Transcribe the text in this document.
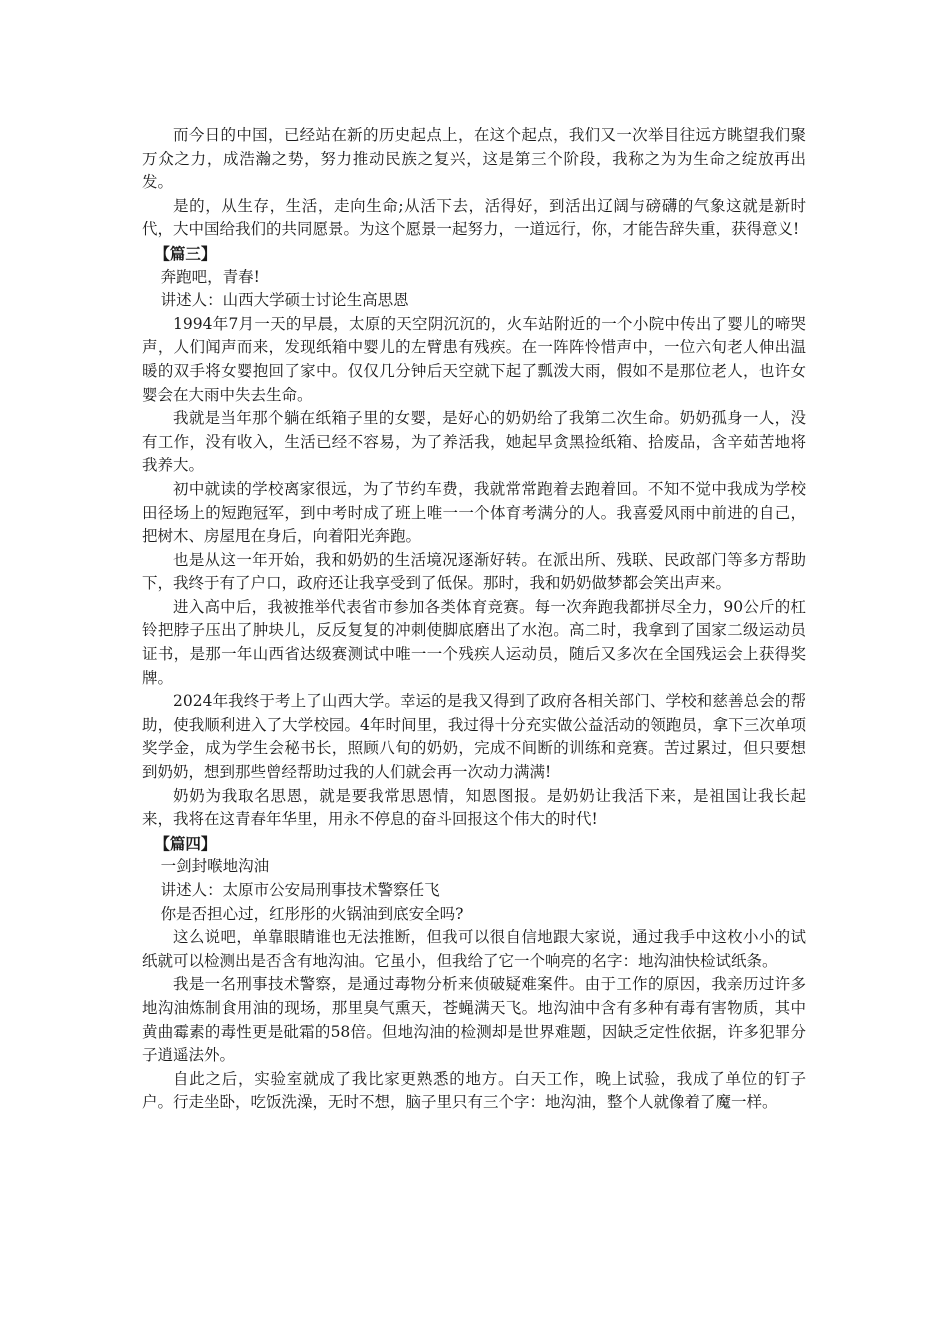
而今日的中国，已经站在新的历史起点上，在这个起点，我们又一次举目往远方眺望我们聚万众之力，成浩瀚之势，努力推动民族之复兴，这是第三个阶段，我称之为为生命之绽放再出发。

是的，从生存，生活，走向生命;从活下去，活得好，到活出辽阔与磅礴的气象这就是新时代，大中国给我们的共同愿景。为这个愿景一起努力，一道远行，你，才能告辞失重，获得意义!

【篇三】

奔跑吧，青春!

讲述人：山西大学硕士讨论生高思恩

1994年7月一天的早晨，太原的天空阴沉沉的，火车站附近的一个小院中传出了婴儿的啼哭声，人们闻声而来，发现纸箱中婴儿的左臂患有残疾。在一阵阵怜惜声中，一位六旬老人伸出温暖的双手将女婴抱回了家中。仅仅几分钟后天空就下起了瓢泼大雨，假如不是那位老人，也许女婴会在大雨中失去生命。

我就是当年那个躺在纸箱子里的女婴，是好心的奶奶给了我第二次生命。奶奶孤身一人，没有工作，没有收入，生活已经不容易，为了养活我，她起早贪黑捡纸箱、拾废品，含辛茹苦地将我养大。

初中就读的学校离家很远，为了节约车费，我就常常跑着去跑着回。不知不觉中我成为学校田径场上的短跑冠军，到中考时成了班上唯一一个体育考满分的人。我喜爱风雨中前进的自己，把树木、房屋甩在身后，向着阳光奔跑。

也是从这一年开始，我和奶奶的生活境况逐渐好转。在派出所、残联、民政部门等多方帮助下，我终于有了户口，政府还让我享受到了低保。那时，我和奶奶做梦都会笑出声来。

进入高中后，我被推举代表省市参加各类体育竞赛。每一次奔跑我都拼尽全力，90公斤的杠铃把脖子压出了肿块儿，反反复复的冲刺使脚底磨出了水泡。高二时，我拿到了国家二级运动员证书，是那一年山西省达级赛测试中唯一一个残疾人运动员，随后又多次在全国残运会上获得奖牌。

2024年我终于考上了山西大学。幸运的是我又得到了政府各相关部门、学校和慈善总会的帮助，使我顺利进入了大学校园。4年时间里，我过得十分充实做公益活动的领跑员，拿下三次单项奖学金，成为学生会秘书长，照顾八旬的奶奶，完成不间断的训练和竞赛。苦过累过，但只要想到奶奶，想到那些曾经帮助过我的人们就会再一次动力满满!

奶奶为我取名思恩，就是要我常思恩情，知恩图报。是奶奶让我活下来，是祖国让我长起来，我将在这青春年华里，用永不停息的奋斗回报这个伟大的时代!

【篇四】

一剑封喉地沟油

讲述人：太原市公安局刑事技术警察任飞

你是否担心过，红彤彤的火锅油到底安全吗?

这么说吧，单靠眼睛谁也无法推断，但我可以很自信地跟大家说，通过我手中这枚小小的试纸就可以检测出是否含有地沟油。它虽小，但我给了它一个响亮的名字：地沟油快检试纸条。

我是一名刑事技术警察，是通过毒物分析来侦破疑难案件。由于工作的原因，我亲历过许多地沟油炼制食用油的现场，那里臭气熏天，苍蝇满天飞。地沟油中含有多种有毒有害物质，其中黄曲霉素的毒性更是砒霜的58倍。但地沟油的检测却是世界难题，因缺乏定性依据，许多犯罪分子逍遥法外。

自此之后，实验室就成了我比家更熟悉的地方。白天工作，晚上试验，我成了单位的钉子户。行走坐卧，吃饭洗澡，无时不想，脑子里只有三个字：地沟油，整个人就像着了魔一样。
